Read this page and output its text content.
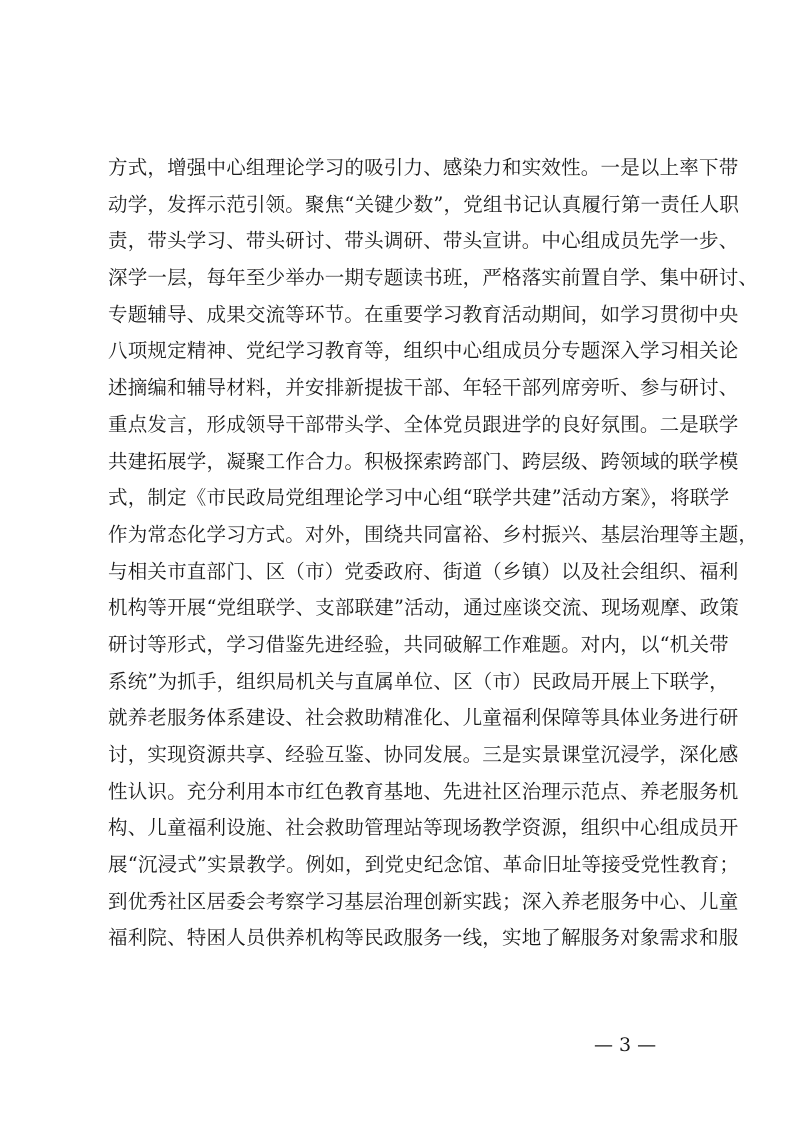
方式，增强中心组理论学习的吸引力、感染力和实效性。一是以上率下带
动学，发挥示范引领。聚焦“关键少数”，党组书记认真履行第一责任人职
责，带头学习、带头研讨、带头调研、带头宣讲。中心组成员先学一步、
深学一层，每年至少举办一期专题读书班，严格落实前置自学、集中研讨、
专题辅导、成果交流等环节。在重要学习教育活动期间，如学习贯彻中央
八项规定精神、党纪学习教育等，组织中心组成员分专题深入学习相关论
述摘编和辅导材料，并安排新提拔干部、年轻干部列席旁听、参与研讨、
重点发言，形成领导干部带头学、全体党员跟进学的良好氛围。二是联学
共建拓展学，凝聚工作合力。积极探索跨部门、跨层级、跨领域的联学模
式，制定《市民政局党组理论学习中心组“联学共建”活动方案》，将联学
作为常态化学习方式。对外，围绕共同富裕、乡村振兴、基层治理等主题，
与相关市直部门、区（市）党委政府、街道（乡镇）以及社会组织、福利
机构等开展“党组联学、支部联建”活动，通过座谈交流、现场观摩、政策
研讨等形式，学习借鉴先进经验，共同破解工作难题。对内，以“机关带
系统”为抓手，组织局机关与直属单位、区（市）民政局开展上下联学，
就养老服务体系建设、社会救助精准化、儿童福利保障等具体业务进行研
讨，实现资源共享、经验互鉴、协同发展。三是实景课堂沉浸学，深化感
性认识。充分利用本市红色教育基地、先进社区治理示范点、养老服务机
构、儿童福利设施、社会救助管理站等现场教学资源，组织中心组成员开
展“沉浸式”实景教学。例如，到党史纪念馆、革命旧址等接受党性教育；
到优秀社区居委会考察学习基层治理创新实践；深入养老服务中心、儿童
福利院、特困人员供养机构等民政服务一线，实地了解服务对象需求和服
— 3 —
